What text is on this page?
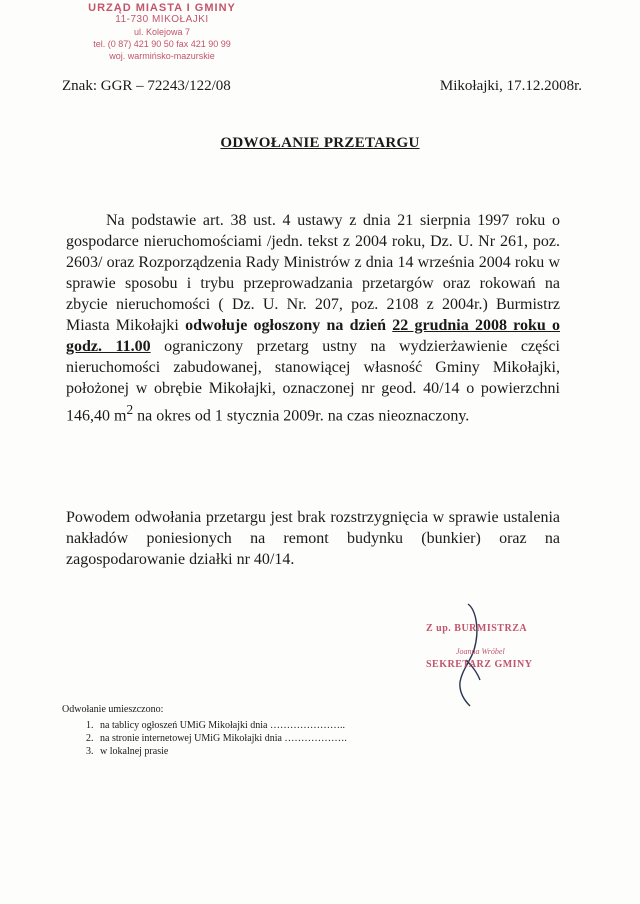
URZĄD MIASTA I GMINY
11-730 MIKOŁAJKI
ul. Kolejowa 7
tel. (0 87) 421 90 50 fax 421 90 99
woj. warmińsko-mazurskie
Znak: GGR – 72243/122/08	Mikołajki, 17.12.2008r.
ODWOŁANIE PRZETARGU
Na podstawie art. 38 ust. 4 ustawy z dnia 21 sierpnia 1997 roku o gospodarce nieruchomościami /jedn. tekst z 2004 roku, Dz. U. Nr 261, poz. 2603/ oraz Rozporządzenia Rady Ministrów z dnia 14 września 2004 roku w sprawie sposobu i trybu przeprowadzania przetargów oraz rokowań na zbycie nieruchomości ( Dz. U. Nr. 207, poz. 2108 z 2004r.) Burmistrz Miasta Mikołajki odwołuje ogłoszony na dzień 22 grudnia 2008 roku o godz. 11.00 ograniczony przetarg ustny na wydzierżawienie części nieruchomości zabudowanej, stanowiącej własność Gminy Mikołajki, położonej w obrębie Mikołajki, oznaczonej nr geod. 40/14 o powierzchni 146,40 $m^2$ na okres od 1 stycznia 2009r. na czas nieoznaczony.
Powodem odwołania przetargu jest brak rozstrzygnięcia w sprawie ustalenia nakładów poniesionych na remont budynku (bunkier) oraz na zagospodarowanie działki nr 40/14.
Z up. BURMISTRZA
Joanna Wróbel
SEKRETARZ GMINY
Odwołanie umieszczono:
1. na tablicy ogłoszeń UMiG Mikołajki dnia …………………..
2. na stronie internetowej UMiG Mikołajki dnia ……………….
3. w lokalnej prasie
